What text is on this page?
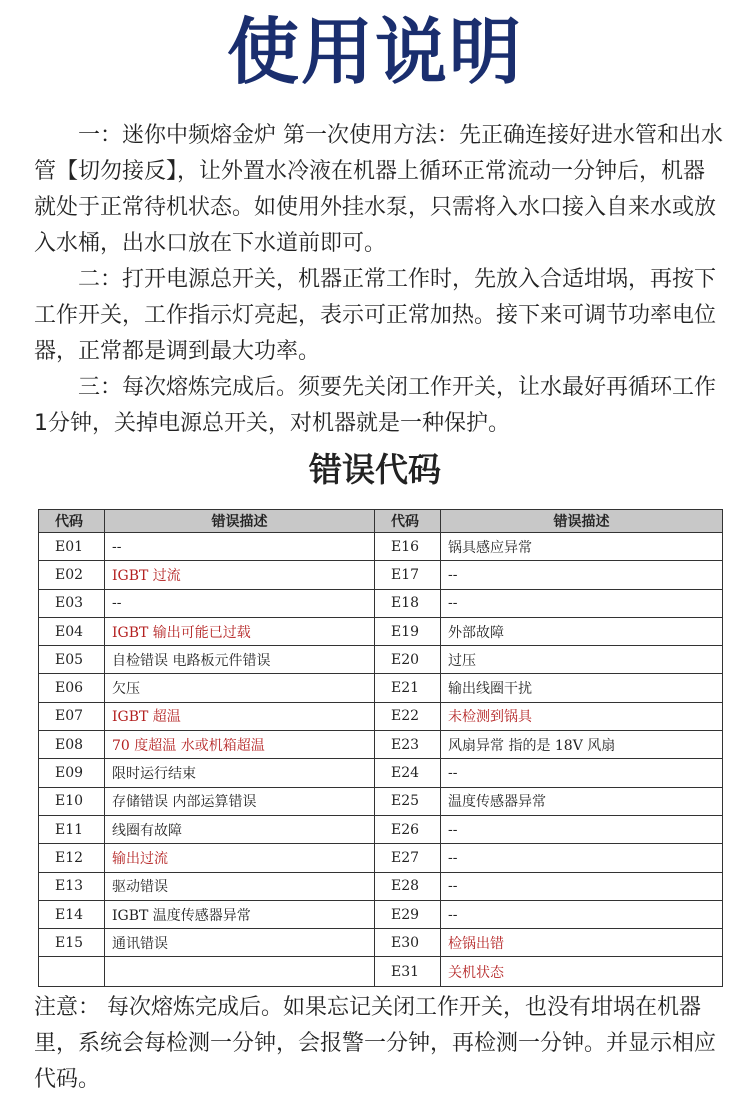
使用说明

一：迷你中频熔金炉 第一次使用方法：先正确连接好进水管和出水管【切勿接反】，让外置水冷液在机器上循环正常流动一分钟后，机器就处于正常待机状态。如使用外挂水泵，只需将入水口接入自来水或放入水桶，出水口放在下水道前即可。

二：打开电源总开关，机器正常工作时，先放入合适坩埚，再按下工作开关，工作指示灯亮起，表示可正常加热。接下来可调节功率电位器，正常都是调到最大功率。

三：每次熔炼完成后。须要先关闭工作开关，让水最好再循环工作1分钟，关掉电源总开关，对机器就是一种保护。

错误代码
代码	错误描述	代码	错误描述
E01	--	E16	锅具感应异常
E02	IGBT 过流	E17	--
E03	--	E18	--
E04	IGBT 输出可能已过载	E19	外部故障
E05	自检错误 电路板元件错误	E20	过压
E06	欠压	E21	输出线圈干扰
E07	IGBT 超温	E22	未检测到锅具
E08	70 度超温 水或机箱超温	E23	风扇异常 指的是 18V 风扇
E09	限时运行结束	E24	--
E10	存储错误 内部运算错误	E25	温度传感器异常
E11	线圈有故障	E26	--
E12	输出过流	E27	--
E13	驱动错误	E28	--
E14	IGBT 温度传感器异常	E29	--
E15	通讯错误	E30	检锅出错
		E31	关机状态

注意： 每次熔炼完成后。如果忘记关闭工作开关，也没有坩埚在机器里，系统会每检测一分钟，会报警一分钟，再检测一分钟。并显示相应代码。
